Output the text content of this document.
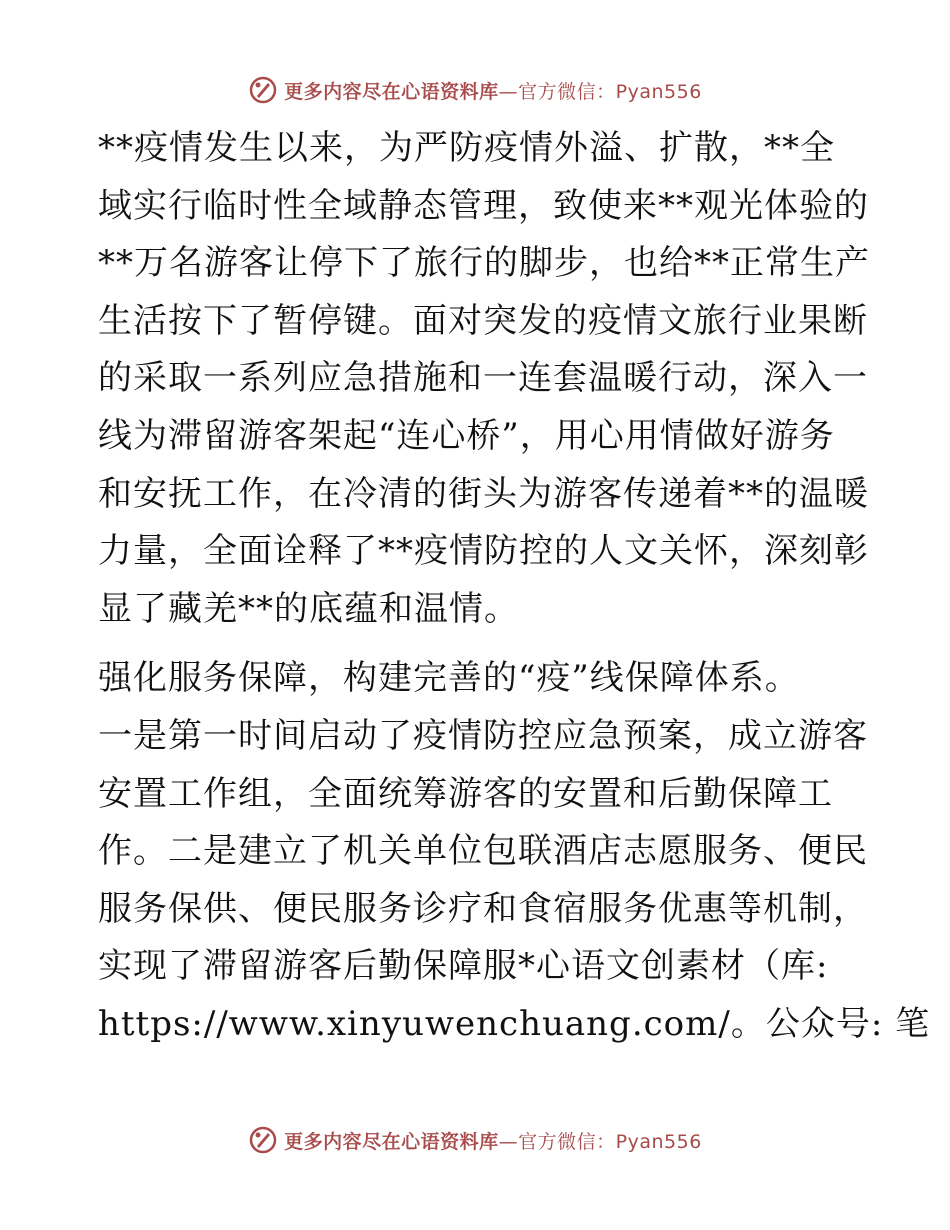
更多内容尽在心语资料库—官方微信：Pyan556
**疫情发生以来，为严防疫情外溢、扩散，**全
域实行临时性全域静态管理，致使来**观光体验的
**万名游客让停下了旅行的脚步，也给**正常生产
生活按下了暂停键。面对突发的疫情文旅行业果断
的采取一系列应急措施和一连套温暖行动，深入一
线为滞留游客架起“连心桥”，用心用情做好游务
和安抚工作，在冷清的街头为游客传递着**的温暖
力量，全面诠释了**疫情防控的人文关怀，深刻彰
显了藏羌**的底蕴和温情。
强化服务保障，构建完善的“疫”线保障体系。
一是第一时间启动了疫情防控应急预案，成立游客
安置工作组，全面统筹游客的安置和后勤保障工
作。二是建立了机关单位包联酒店志愿服务、便民
服务保供、便民服务诊疗和食宿服务优惠等机制，
实现了滞留游客后勤保障服*心语文创素材（库:
https://www.xinyuwenchuang.com/。公众号: 笔
更多内容尽在心语资料库—官方微信：Pyan556
